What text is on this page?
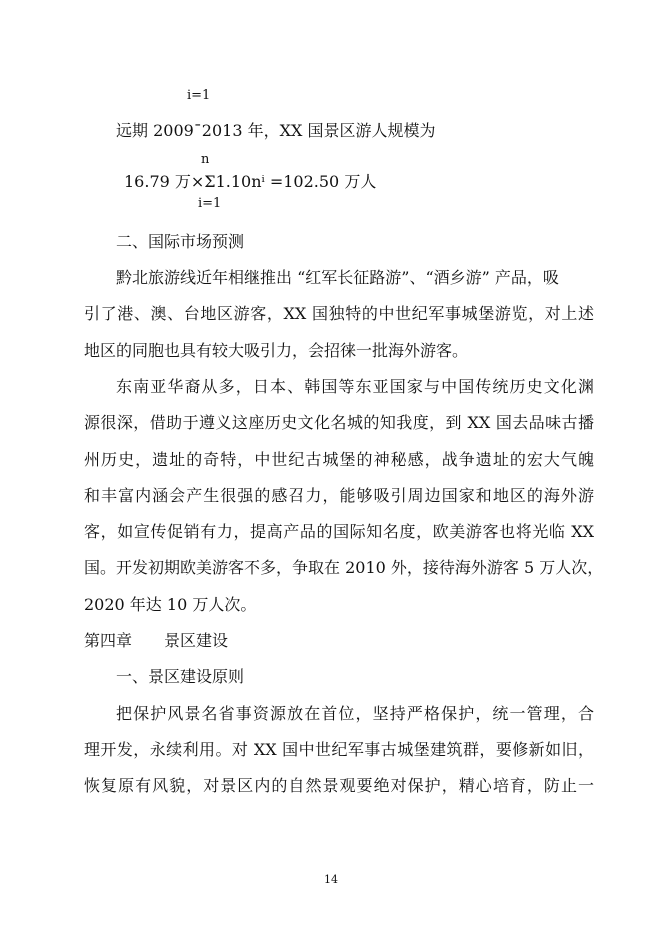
i=1
远期 2009¯2013 年，XX 国景区游人规模为
n
16.79 万×Σ1.10nⁱ =102.50 万人
i=1
二、国际市场预测
黔北旅游线近年相继推出 “红军长征路游”、“酒乡游” 产品，吸
引了港、澳、台地区游客，XX 国独特的中世纪军事城堡游览，对上述
地区的同胞也具有较大吸引力，会招徕一批海外游客。
东南亚华裔从多，日本、韩国等东亚国家与中国传统历史文化渊
源很深，借助于遵义这座历史文化名城的知我度，到 XX 国去品味古播
州历史，遗址的奇特，中世纪古城堡的神秘感，战争遗址的宏大气魄
和丰富内涵会产生很强的感召力，能够吸引周边国家和地区的海外游
客，如宣传促销有力，提高产品的国际知名度，欧美游客也将光临 XX
国。开发初期欧美游客不多，争取在 2010 外，接待海外游客 5 万人次，
2020 年达 10 万人次。
第四章　　景区建设
一、景区建设原则
把保护风景名省事资源放在首位，坚持严格保护，统一管理，合
理开发，永续利用。对 XX 国中世纪军事古城堡建筑群，要修新如旧，
恢复原有风貌，对景区内的自然景观要绝对保护，精心培育，防止一
14
